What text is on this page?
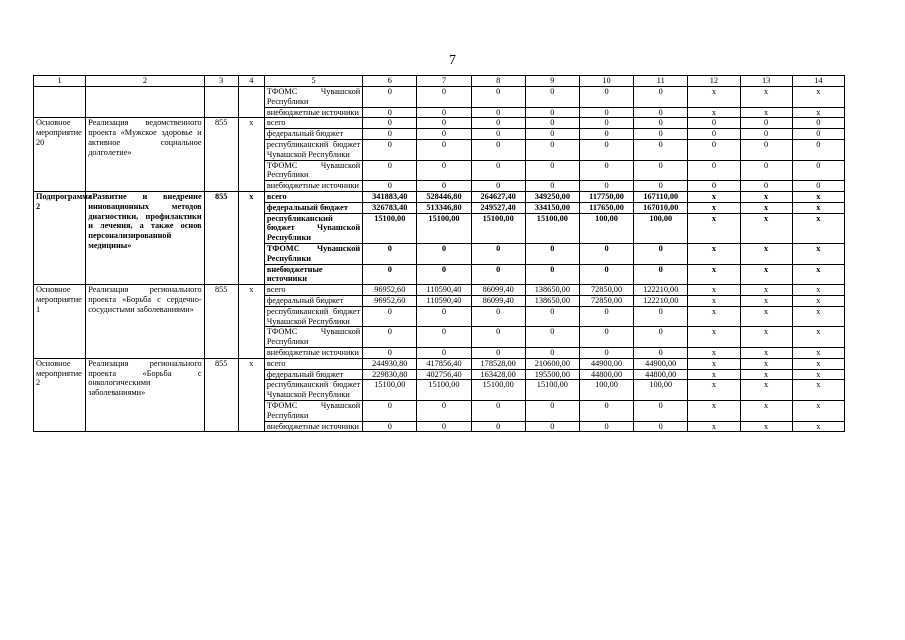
7
1	2	3	4	5	6	7	8	9	10	11	12	13	14
				ТФОМС Чувашской Республики	0	0	0	0	0	0	х	х	х
				внебюджетные источники	0	0	0	0	0	0	х	х	х
Основное мероприятие 20	Реализация ведомственного проекта «Мужское здоровье и активное социальное долголетие»	855	х	всего	0	0	0	0	0	0	0	0	0
				федеральный бюджет	0	0	0	0	0	0	0	0	0
				республиканский бюджет Чувашской Республики	0	0	0	0	0	0	0	0	0
				ТФОМС Чувашской Республики	0	0	0	0	0	0	0	0	0
				внебюджетные источники	0	0	0	0	0	0	0	0	0
Подпрограмма 2	«Развитие и внедрение инновационных методов диагностики, профилактики и лечения, а также основ персонализированной медицины»	855	х	всего	341883,40	528446,80	264627,40	349250,00	117750,00	167110,00	х	х	х
				федеральный бюджет	326783,40	513346,80	249527,40	334150,00	117650,00	167010,00	х	х	х
				республиканский бюджет Чувашской Республики	15100,00	15100,00	15100,00	15100,00	100,00	100,00	х	х	х
				ТФОМС Чувашской Республики	0	0	0	0	0	0	х	х	х
				внебюджетные источники	0	0	0	0	0	0	х	х	х
Основное мероприятие 1	Реализация регионального проекта «Борьба с сердечно-сосудистыми заболеваниями»	855	х	всего	96952,60	110590,40	86099,40	138650,00	72850,00	122210,00	х	х	х
				федеральный бюджет	96952,60	110590,40	86099,40	138650,00	72850,00	122210,00	х	х	х
				республиканский бюджет Чувашской Республики	0	0	0	0	0	0	х	х	х
				ТФОМС Чувашской Республики	0	0	0	0	0	0	х	х	х
				внебюджетные источники	0	0	0	0	0	0	х	х	х
Основное мероприятие 2	Реализация регионального проекта «Борьба с онкологическими заболеваниями»	855	х	всего	244930,80	417856,40	178528,00	210600,00	44900,00	44900,00	х	х	х
				федеральный бюджет	229830,80	402756,40	163428,00	195500,00	44800,00	44800,00	х	х	х
				республиканский бюджет Чувашской Республики	15100,00	15100,00	15100,00	15100,00	100,00	100,00	х	х	х
				ТФОМС Чувашской Республики	0	0	0	0	0	0	х	х	х
				внебюджетные источники	0	0	0	0	0	0	х	х	х
